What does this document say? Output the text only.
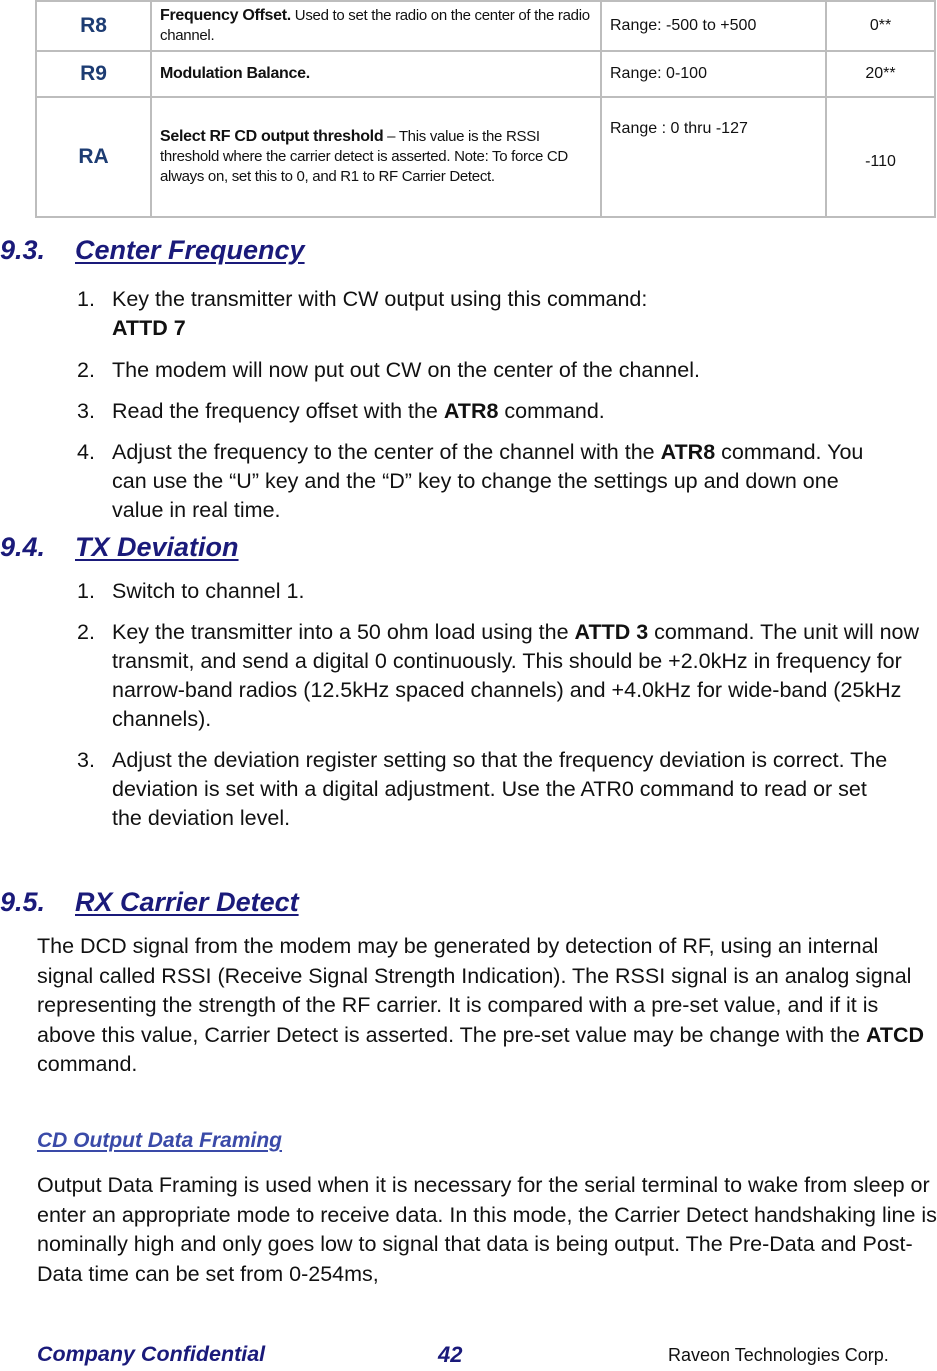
R8	Frequency Offset. Used to set the radio on the center of the radio channel.	Range: -500 to +500	0**
R9	Modulation Balance.	Range: 0-100	20**
RA	Select RF CD output threshold – This value is the RSSI threshold where the carrier detect is asserted. Note: To force CD always on, set this to 0, and R1 to RF Carrier Detect.	Range : 0 thru -127	-110
9.3. Center Frequency
1. Key the transmitter with CW output using this command:
ATTD 7
2. The modem will now put out CW on the center of the channel.
3. Read the frequency offset with the ATR8 command.
4. Adjust the frequency to the center of the channel with the ATR8 command. You can use the “U” key and the “D” key to change the settings up and down one value in real time.
9.4. TX Deviation
1. Switch to channel 1.
2. Key the transmitter into a 50 ohm load using the ATTD 3 command. The unit will now transmit, and send a digital 0 continuously. This should be +2.0kHz in frequency for narrow-band radios (12.5kHz spaced channels) and +4.0kHz for wide-band (25kHz channels).
3. Adjust the deviation register setting so that the frequency deviation is correct. The deviation is set with a digital adjustment. Use the ATR0 command to read or set the deviation level.
9.5. RX Carrier Detect
The DCD signal from the modem may be generated by detection of RF, using an internal signal called RSSI (Receive Signal Strength Indication). The RSSI signal is an analog signal representing the strength of the RF carrier. It is compared with a pre-set value, and if it is above this value, Carrier Detect is asserted. The pre-set value may be change with the ATCD command.
CD Output Data Framing
Output Data Framing is used when it is necessary for the serial terminal to wake from sleep or enter an appropriate mode to receive data. In this mode, the Carrier Detect handshaking line is nominally high and only goes low to signal that data is being output. The Pre-Data and Post-Data time can be set from 0-254ms,
Company Confidential	42	Raveon Technologies Corp.
